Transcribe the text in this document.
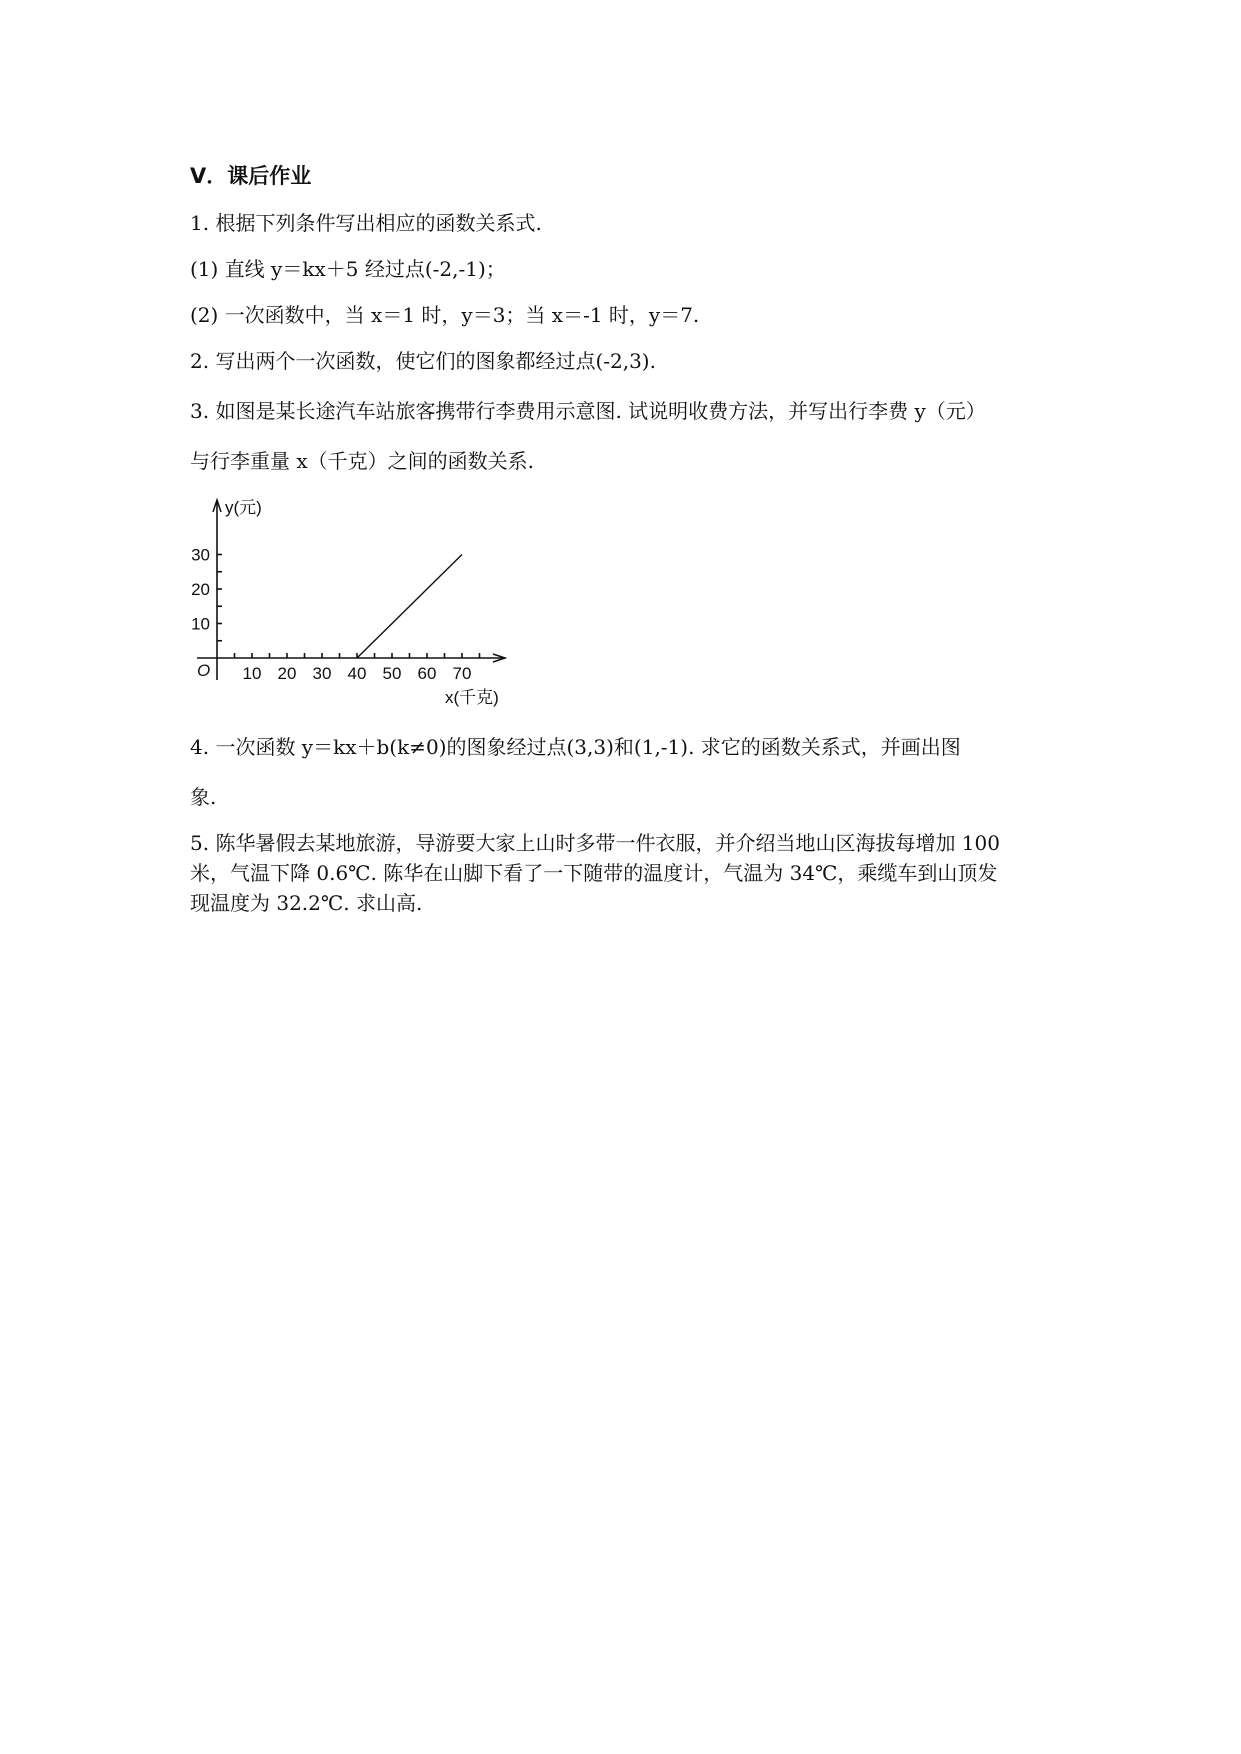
Ⅴ．课后作业
1. 根据下列条件写出相应的函数关系式.
(1) 直线 y＝kx＋5 经过点(-2,-1)；
(2) 一次函数中，当 x＝1 时，y＝3；当 x＝-1 时，y＝7.
2. 写出两个一次函数，使它们的图象都经过点(-2,3).
3. 如图是某长途汽车站旅客携带行李费用示意图. 试说明收费方法，并写出行李费 y（元）
与行李重量 x（千克）之间的函数关系.
10 20 30 40 50 60 70
10
20
30
O
y(元)
x(千克)
4. 一次函数 y＝kx＋b(k≠0)的图象经过点(3,3)和(1,-1). 求它的函数关系式，并画出图
象.
5. 陈华暑假去某地旅游，导游要大家上山时多带一件衣服，并介绍当地山区海拔每增加 100
米，气温下降 0.6℃. 陈华在山脚下看了一下随带的温度计，气温为 34℃，乘缆车到山顶发
现温度为 32.2℃. 求山高.
